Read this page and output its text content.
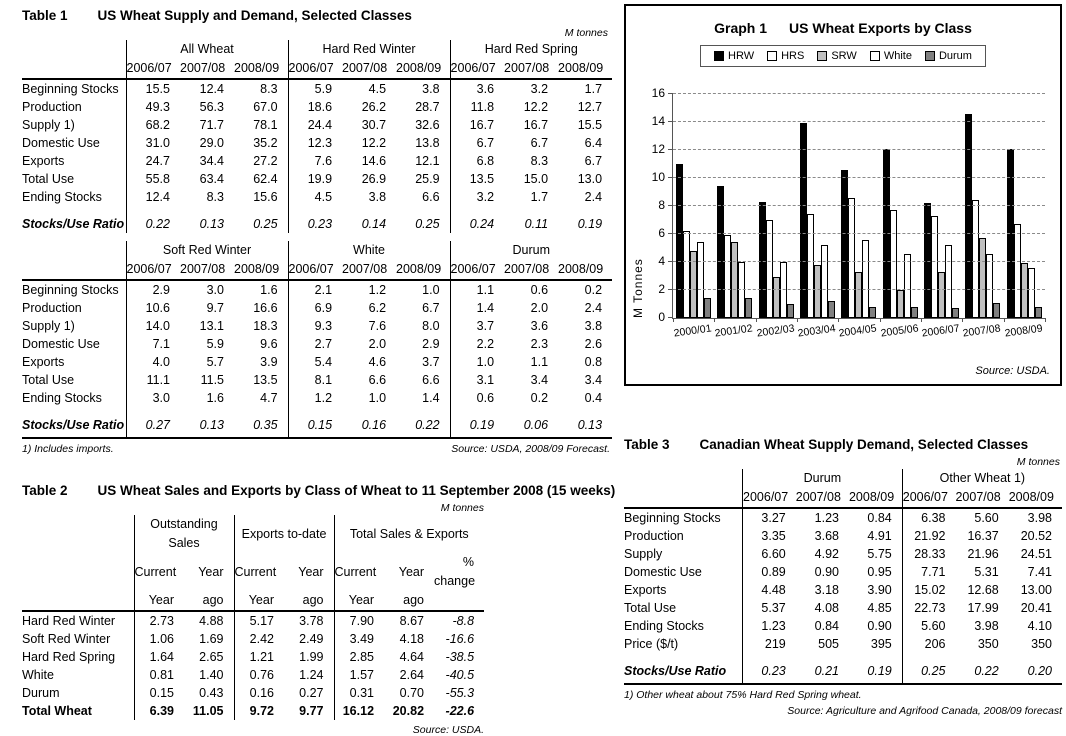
Table 1 US Wheat Supply and Demand, Selected Classes
M tonnes
	All Wheat			Hard Red Winter			Hard Red Spring		
	2006/07	2007/08	2008/09	2006/07	2007/08	2008/09	2006/07	2007/08	2008/09
Beginning Stocks	15.5	12.4	8.3	5.9	4.5	3.8	3.6	3.2	1.7
Production	49.3	56.3	67.0	18.6	26.2	28.7	11.8	12.2	12.7
Supply 1)	68.2	71.7	78.1	24.4	30.7	32.6	16.7	16.7	15.5
Domestic Use	31.0	29.0	35.2	12.3	12.2	13.8	6.7	6.7	6.4
Exports	24.7	34.4	27.2	7.6	14.6	12.1	6.8	8.3	6.7
Total Use	55.8	63.4	62.4	19.9	26.9	25.9	13.5	15.0	13.0
Ending Stocks	12.4	8.3	15.6	4.5	3.8	6.6	3.2	1.7	2.4
Stocks/Use Ratio	0.22	0.13	0.25	0.23	0.14	0.25	0.24	0.11	0.19
	Soft Red Winter			White			Durum		
	2006/07	2007/08	2008/09	2006/07	2007/08	2008/09	2006/07	2007/08	2008/09
Beginning Stocks	2.9	3.0	1.6	2.1	1.2	1.0	1.1	0.6	0.2
Production	10.6	9.7	16.6	6.9	6.2	6.7	1.4	2.0	2.4
Supply 1)	14.0	13.1	18.3	9.3	7.6	8.0	3.7	3.6	3.8
Domestic Use	7.1	5.9	9.6	2.7	2.0	2.9	2.2	2.3	2.6
Exports	4.0	5.7	3.9	5.4	4.6	3.7	1.0	1.1	0.8
Total Use	11.1	11.5	13.5	8.1	6.6	6.6	3.1	3.4	3.4
Ending Stocks	3.0	1.6	4.7	1.2	1.0	1.4	0.6	0.2	0.4
Stocks/Use Ratio	0.27	0.13	0.35	0.15	0.16	0.22	0.19	0.06	0.13
1) Includes imports.	Source: USDA, 2008/09 Forecast.
Table 2 US Wheat Sales and Exports by Class of Wheat to 11 September 2008 (15 weeks)
M tonnes
	Outstanding Sales		Exports to-date		Total Sales & Exports		
	Current	Year	Current	Year	Current	Year	% change
	Year	ago	Year	ago	Year	ago	
Hard Red Winter	2.73	4.88	5.17	3.78	7.90	8.67	-8.8
Soft Red Winter	1.06	1.69	2.42	2.49	3.49	4.18	-16.6
Hard Red Spring	1.64	2.65	1.21	1.99	2.85	4.64	-38.5
White	0.81	1.40	0.76	1.24	1.57	2.64	-40.5
Durum	0.15	0.43	0.16	0.27	0.31	0.70	-55.3
Total Wheat	6.39	11.05	9.72	9.77	16.12	20.82	-22.6
Source: USDA.
Graph 1 US Wheat Exports by Class
HRW HRS SRW White Durum
M Tonnes	0
2
4
6
8
10
12
14
16
2000/01 2001/02 2002/03 2003/04 2004/05 2005/06 2006/07 2007/08 2008/09
Source: USDA.
Table 3 Canadian Wheat Supply Demand, Selected Classes
M tonnes
	Durum			Other Wheat 1)		
	2006/07	2007/08	2008/09	2006/07	2007/08	2008/09
Beginning Stocks	3.27	1.23	0.84	6.38	5.60	3.98
Production	3.35	3.68	4.91	21.92	16.37	20.52
Supply	6.60	4.92	5.75	28.33	21.96	24.51
Domestic Use	0.89	0.90	0.95	7.71	5.31	7.41
Exports	4.48	3.18	3.90	15.02	12.68	13.00
Total Use	5.37	4.08	4.85	22.73	17.99	20.41
Ending Stocks	1.23	0.84	0.90	5.60	3.98	4.10
Price ($/t)	219	505	395	206	350	350
Stocks/Use Ratio	0.23	0.21	0.19	0.25	0.22	0.20
1) Other wheat about 75% Hard Red Spring wheat.
Source: Agriculture and Agrifood Canada, 2008/09 forecast
